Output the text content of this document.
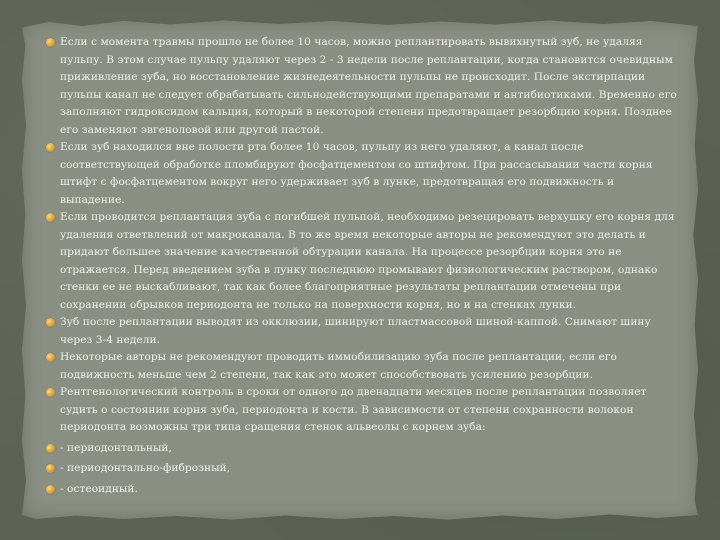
Если с момента травмы прошло не более 10 часов, можно реплантировать вывихнутый зуб, не удаляя пульпу. В этом случае пульпу удаляют через 2 - 3 недели после реплантации, когда становится очевидным приживление зуба, но восстановление жизнедеятельности пульпы не происходит. После экстирпации пульпы канал не следует обрабатывать сильнодействующими препаратами и антибиотиками. Временно его заполняют гидроксидом кальция, который в некоторой степени предотвращает резорбцию корня. Позднее его заменяют эвгеноловой или другой пастой.

Если зуб находился вне полости рта более 10 часов, пульпу из него удаляют, а канал после соответствующей обработке пломбируют фосфатцементом со штифтом. При рассасывании части корня штифт с фосфатцементом вокруг него удерживает зуб в лунке, предотвращая его подвижность и выпадение.

Если проводится реплантация зуба с погибшей пульпой, необходимо резецировать верхушку его корня для удаления ответвлений от макроканала. В то же время некоторые авторы не рекомендуют это делать и придают большее значение качественной обтурации канала. На процессе резорбции корня это не отражается. Перед введением зуба в лунку последнюю промывают физиологическим раствором, однако стенки ее не выскабливают, так как более благоприятные результаты реплантации отмечены при сохранении обрывков периодонта не только на поверхности корня, но и на стенках лунки.

Зуб после реплантации выводят из окклюзии, шинируют пластмассовой шиной-каппой. Снимают шину через 3-4 недели.

Некоторые авторы не рекомендуют проводить иммобилизацию зуба после реплантации, если его подвижность меньше чем 2 степени, так как это может способствовать усилению резорбции.

Рентгенологический контроль в сроки от одного до двенадцати месяцев после реплантации позволяет судить о состоянии корня зуба, периодонта и кости. В зависимости от степени сохранности волокон периодонта возможны три типа сращения стенок альвеолы с корнем зуба:

- периодонтальный,

- периодонтально-фиброзный,

- остеоидный.
